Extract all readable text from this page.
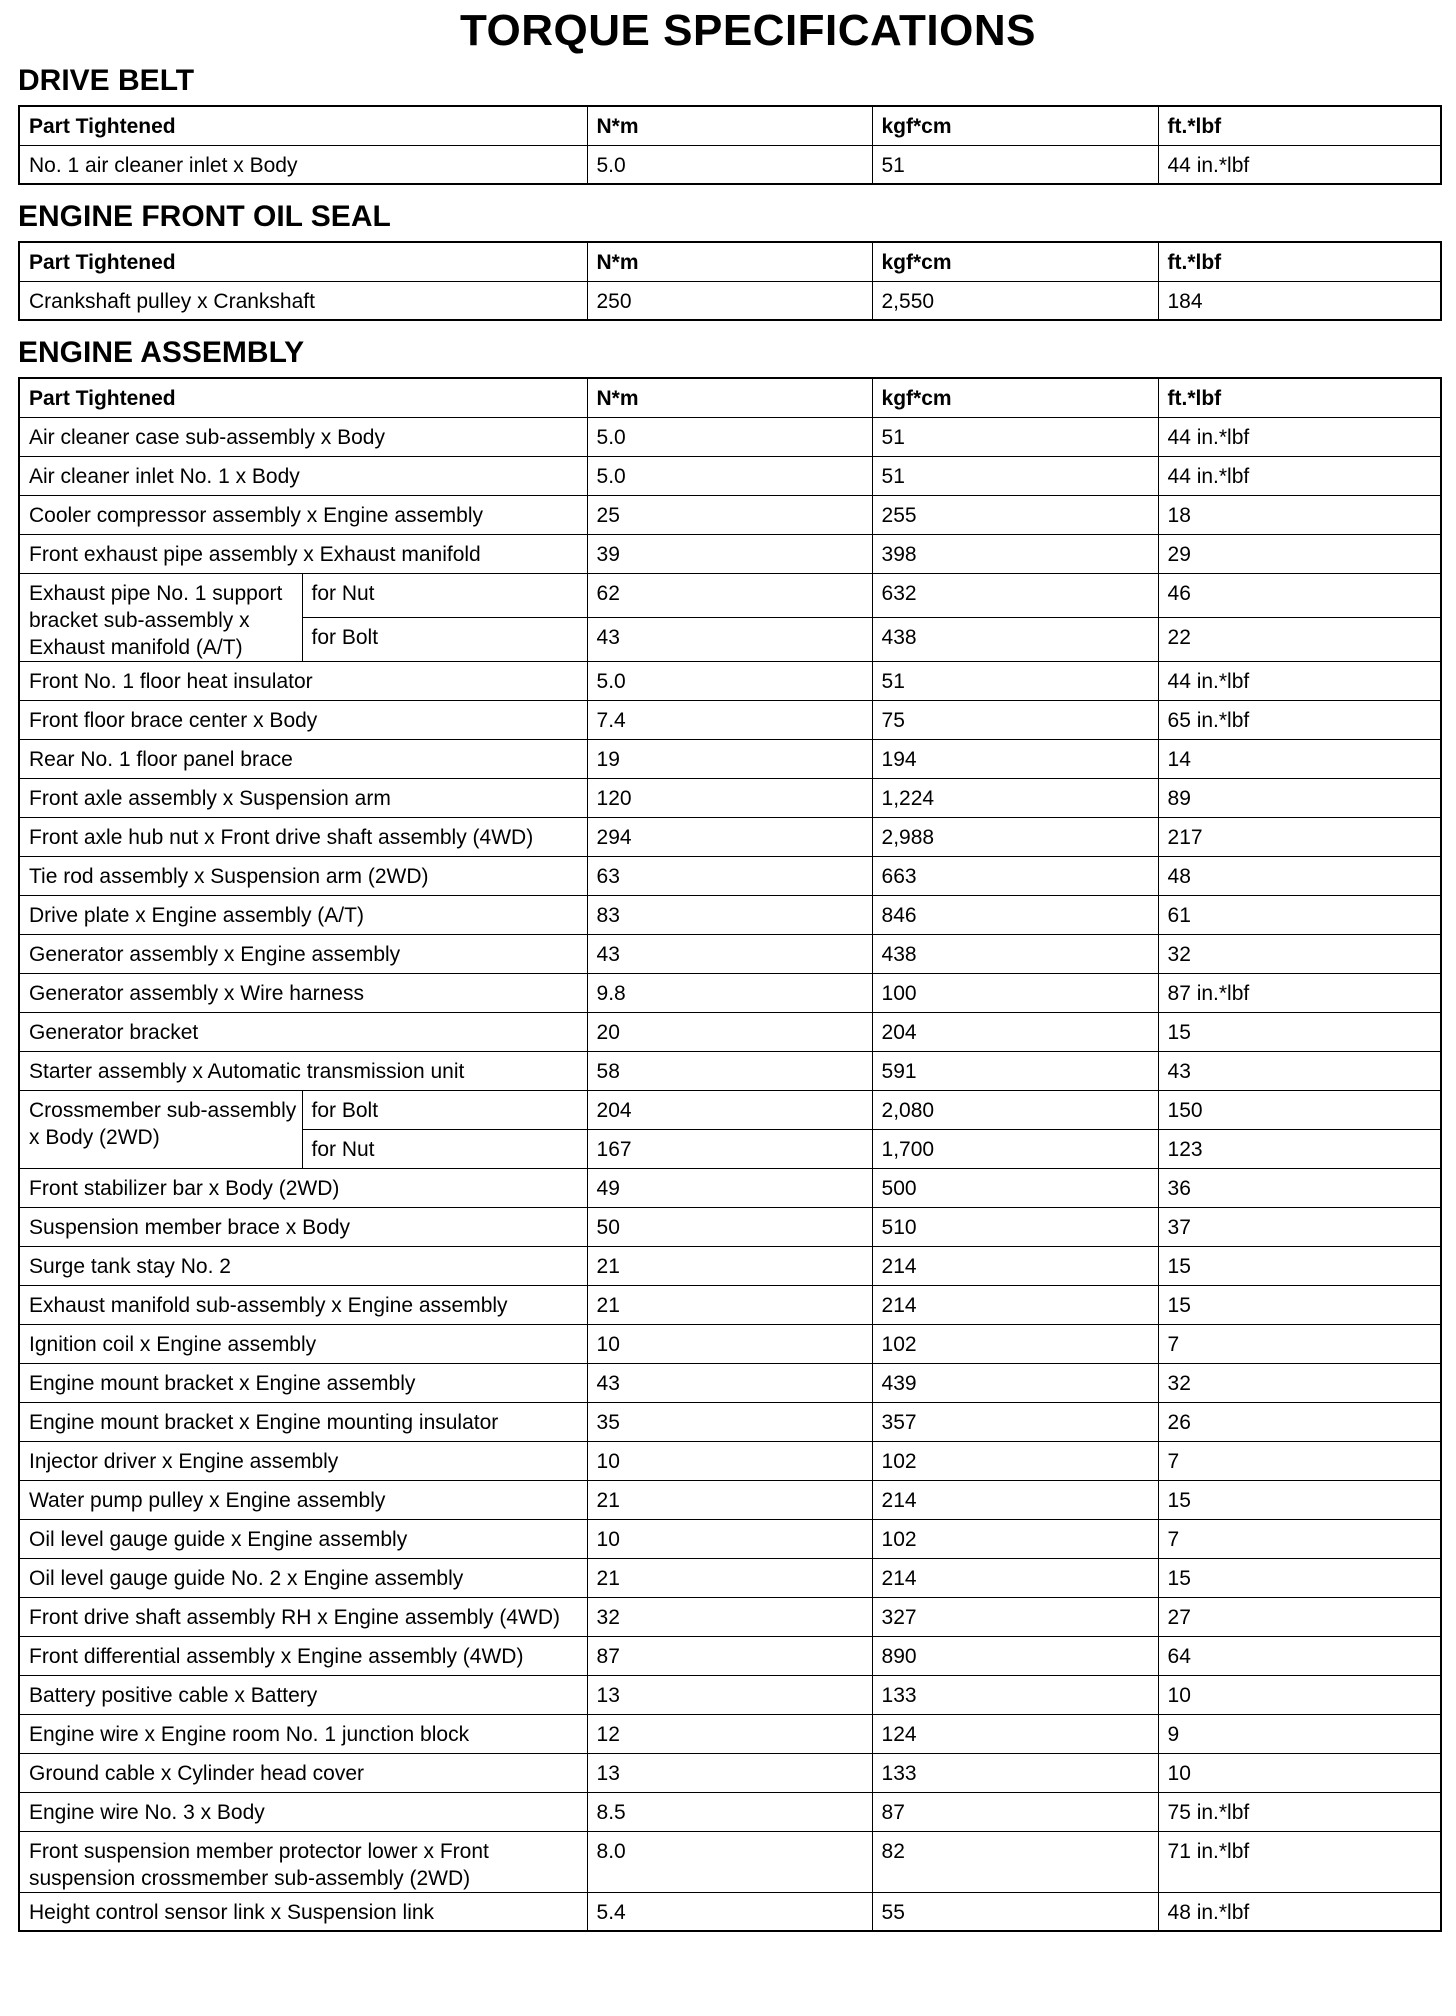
TORQUE SPECIFICATIONS
DRIVE BELT
Part Tightened	N*m	kgf*cm	ft.*lbf
No. 1 air cleaner inlet x Body	5.0	51	44 in.*lbf
ENGINE FRONT OIL SEAL
Part Tightened	N*m	kgf*cm	ft.*lbf
Crankshaft pulley x Crankshaft	250	2,550	184
ENGINE ASSEMBLY
Part Tightened		N*m	kgf*cm	ft.*lbf
Air cleaner case sub-assembly x Body		5.0	51	44 in.*lbf
Air cleaner inlet No. 1 x Body		5.0	51	44 in.*lbf
Cooler compressor assembly x Engine assembly		25	255	18
Front exhaust pipe assembly x Exhaust manifold		39	398	29
Exhaust pipe No. 1 support bracket sub-assembly x Exhaust manifold (A/T)	for Nut	62	632	46
	for Bolt	43	438	22
Front No. 1 floor heat insulator		5.0	51	44 in.*lbf
Front floor brace center x Body		7.4	75	65 in.*lbf
Rear No. 1 floor panel brace		19	194	14
Front axle assembly x Suspension arm		120	1,224	89
Front axle hub nut x Front drive shaft assembly (4WD)		294	2,988	217
Tie rod assembly x Suspension arm (2WD)		63	663	48
Drive plate x Engine assembly (A/T)		83	846	61
Generator assembly x Engine assembly		43	438	32
Generator assembly x Wire harness		9.8	100	87 in.*lbf
Generator bracket		20	204	15
Starter assembly x Automatic transmission unit		58	591	43
Crossmember sub-assembly x Body (2WD)	for Bolt	204	2,080	150
	for Nut	167	1,700	123
Front stabilizer bar x Body (2WD)		49	500	36
Suspension member brace x Body		50	510	37
Surge tank stay No. 2		21	214	15
Exhaust manifold sub-assembly x Engine assembly		21	214	15
Ignition coil x Engine assembly		10	102	7
Engine mount bracket x Engine assembly		43	439	32
Engine mount bracket x Engine mounting insulator		35	357	26
Injector driver x Engine assembly		10	102	7
Water pump pulley x Engine assembly		21	214	15
Oil level gauge guide x Engine assembly		10	102	7
Oil level gauge guide No. 2 x Engine assembly		21	214	15
Front drive shaft assembly RH x Engine assembly (4WD)		32	327	27
Front differential assembly x Engine assembly (4WD)		87	890	64
Battery positive cable x Battery		13	133	10
Engine wire x Engine room No. 1 junction block		12	124	9
Ground cable x Cylinder head cover		13	133	10
Engine wire No. 3 x Body		8.5	87	75 in.*lbf
Front suspension member protector lower x Front suspension crossmember sub-assembly (2WD)		8.0	82	71 in.*lbf
Height control sensor link x Suspension link		5.4	55	48 in.*lbf
